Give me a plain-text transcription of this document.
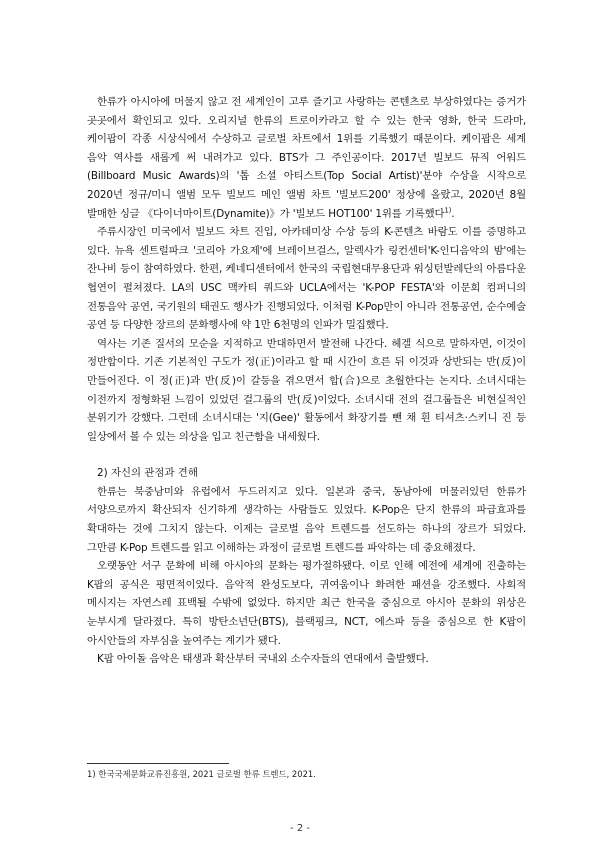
한류가 아시아에 머물지 않고 전 세계인이 고루 즐기고 사랑하는 콘텐츠로 부상하였다는 증거가 곳곳에서 확인되고 있다. 오리지널 한류의 트로이카라고 할 수 있는 한국 영화, 한국 드라마, 케이팝이 각종 시상식에서 수상하고 글로벌 차트에서 1위를 기록했기 때문이다. 케이팝은 세계 음악 역사를 새롭게 써 내려가고 있다. BTS가 그 주인공이다. 2017년 빌보드 뮤직 어워드(Billboard Music Awards)의 '톱 소셜 아티스트(Top Social Artist)'분야 수상을 시작으로 2020년 정규/미니 앨범 모두 빌보드 메인 앨범 차트 '빌보드200' 정상에 올랐고, 2020년 8월 발매한 싱글 《다이너마이트(Dynamite)》가 '빌보드 HOT100' 1위를 기록했다$^{1)}$.

주류시장인 미국에서 빌보드 차트 진입, 아카데미상 수상 등의 K-콘텐츠 바람도 이를 증명하고 있다. 뉴욕 센트럴파크 '코리아 가요제'에 브레이브걸스, 알렉사가 링컨센터'K-인디음악의 밤'에는 잔나비 등이 참여하였다. 한편, 케네디센터에서 한국의 국립현대무용단과 워싱턴발레단의 아름다운 협연이 펼쳐졌다. LA의 USC 맥카티 쿼드와 UCLA에서는 'K-POP FESTA'와 이문희 컴퍼니의 전통음악 공연, 국기원의 태권도 행사가 진행되었다. 이처럼 K-Pop만이 아니라 전통공연, 순수예술 공연 등 다양한 장르의 문화행사에 약 1만 6천명의 인파가 밀집했다.

역사는 기존 질서의 모순을 지적하고 반대하면서 발전해 나간다. 헤겔 식으로 말하자면, 이것이 정반합이다. 기존 기본적인 구도가 정(正)이라고 할 때 시간이 흐른 뒤 이것과 상반되는 반(反)이 만들어진다. 이 정(正)과 반(反)이 갈등을 겪으면서 합(合)으로 초월한다는 논지다. 소녀시대는 이전까지 정형화된 느낌이 있었던 걸그룹의 반(反)이었다. 소녀시대 전의 걸그룹들은 비현실적인 분위기가 강했다. 그런데 소녀시대는 '지(Gee)' 활동에서 화장기를 뺀 채 흰 티셔츠·스키니 진 등 일상에서 볼 수 있는 의상을 입고 친근함을 내세웠다.

2) 자신의 관점과 견해

한류는 북중남미와 유럽에서 두드러지고 있다. 일본과 중국, 동남아에 머물러있던 한류가 서양으로까지 확산되자 신기하게 생각하는 사람들도 있었다. K-Pop은 단지 한류의 파급효과를 확대하는 것에 그치지 않는다. 이제는 글로벌 음악 트렌드를 선도하는 하나의 장르가 되었다. 그만큼 K-Pop 트렌드를 읽고 이해하는 과정이 글로벌 트렌드를 파악하는 데 중요해졌다.

오랫동안 서구 문화에 비해 아시아의 문화는 평가절하됐다. 이로 인해 예전에 세계에 진출하는 K팝의 공식은 평면적이었다. 음악적 완성도보다, 귀여움이나 화려한 패션을 강조했다. 사회적 메시지는 자연스레 표백될 수밖에 없었다. 하지만 최근 한국을 중심으로 아시아 문화의 위상은 눈부시게 달라졌다. 특히 방탄소년단(BTS), 블랙핑크, NCT, 에스파 등을 중심으로 한 K팝이 아시안들의 자부심을 높여주는 계기가 됐다.

K팝 아이돌 음악은 태생과 확산부터 국내외 소수자들의 연대에서 출발했다.

1) 한국국제문화교류진흥원, 2021 글로벌 한류 트렌드, 2021.
- 2 -
